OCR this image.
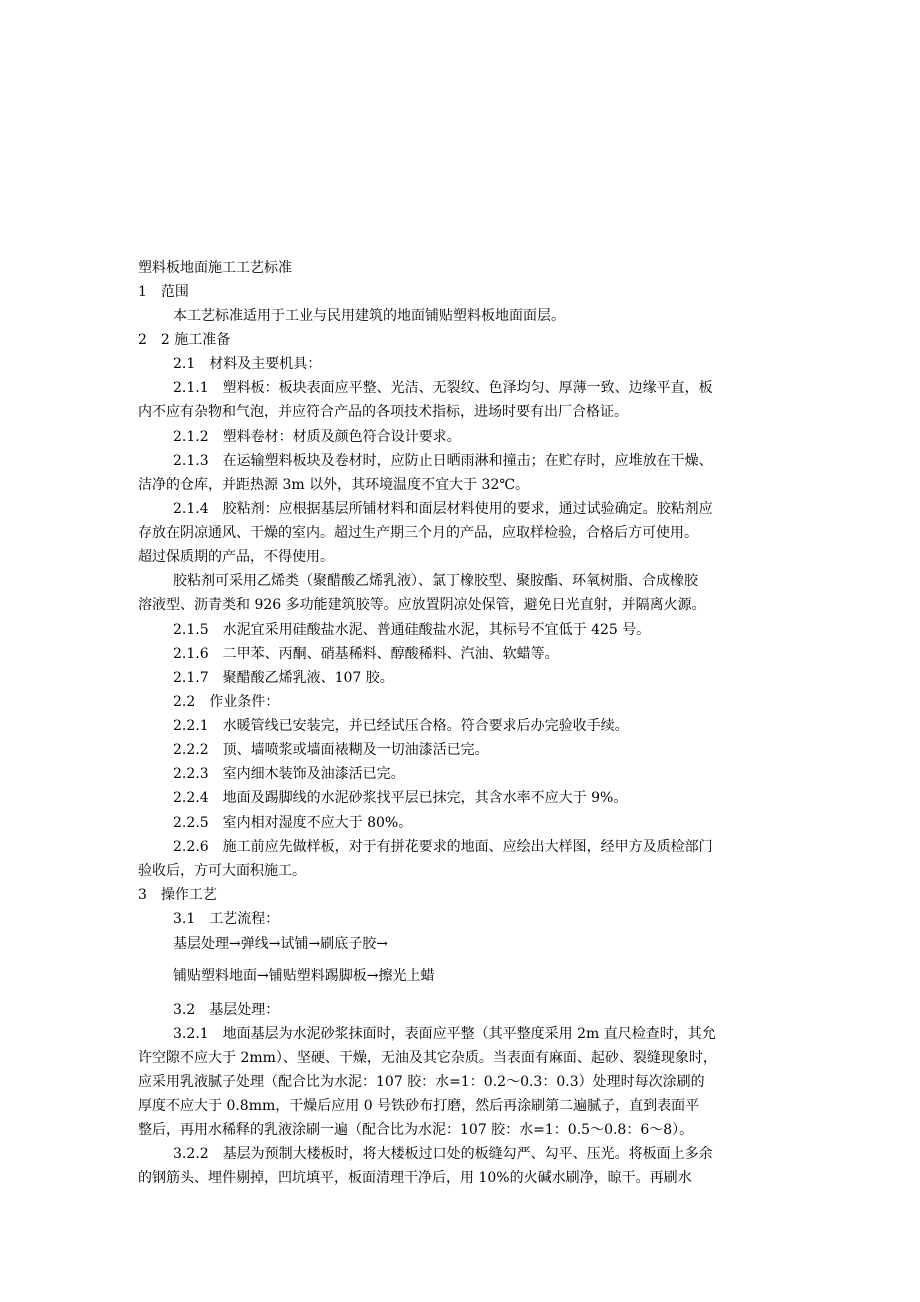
塑料板地面施工工艺标准
1　范围
本工艺标准适用于工业与民用建筑的地面铺贴塑料板地面面层。
2　2 施工准备
2.1　材料及主要机具：
2.1.1　塑料板：板块表面应平整、光洁、无裂纹、色泽均匀、厚薄一致、边缘平直，板
内不应有杂物和气泡，并应符合产品的各项技术指标，进场时要有出厂合格证。
2.1.2　塑料卷材：材质及颜色符合设计要求。
2.1.3　在运输塑料板块及卷材时，应防止日晒雨淋和撞击；在贮存时，应堆放在干燥、
洁净的仓库，并距热源 3m 以外，其环境温度不宜大于 32℃。
2.1.4　胶粘剂：应根据基层所铺材料和面层材料使用的要求，通过试验确定。胶粘剂应
存放在阴凉通风、干燥的室内。超过生产期三个月的产品，应取样检验，合格后方可使用。
超过保质期的产品，不得使用。
胶粘剂可采用乙烯类（聚醋酸乙烯乳液）、氯丁橡胶型、聚胺酯、环氧树脂、合成橡胶
溶液型、沥青类和 926 多功能建筑胶等。应放置阴凉处保管，避免日光直射，并隔离火源。
2.1.5　水泥宜采用硅酸盐水泥、普通硅酸盐水泥，其标号不宜低于 425 号。
2.1.6　二甲苯、丙酮、硝基稀料、醇酸稀料、汽油、软蜡等。
2.1.7　聚醋酸乙烯乳液、107 胶。
2.2　作业条件：
2.2.1　水暖管线已安装完，并已经试压合格。符合要求后办完验收手续。
2.2.2　顶、墙喷浆或墙面裱糊及一切油漆活已完。
2.2.3　室内细木装饰及油漆活已完。
2.2.4　地面及踢脚线的水泥砂浆找平层已抹完，其含水率不应大于 9%。
2.2.5　室内相对湿度不应大于 80%。
2.2.6　施工前应先做样板，对于有拼花要求的地面、应绘出大样图，经甲方及质检部门
验收后，方可大面积施工。
3　操作工艺
3.1　工艺流程：
基层处理→弹线→试铺→刷底子胶→
铺贴塑料地面→铺贴塑料踢脚板→擦光上蜡
3.2　基层处理：
3.2.1　地面基层为水泥砂浆抹面时，表面应平整（其平整度采用 2m 直尺检查时，其允
许空隙不应大于 2mm）、坚硬、干燥，无油及其它杂质。当表面有麻面、起砂、裂缝现象时，
应采用乳液腻子处理（配合比为水泥：107 胶：水=1：0.2～0.3：0.3）处理时每次涂刷的
厚度不应大于 0.8mm，干燥后应用 0 号铁砂布打磨，然后再涂刷第二遍腻子，直到表面平
整后，再用水稀释的乳液涂刷一遍（配合比为水泥：107 胶：水=1：0.5～0.8：6～8）。
3.2.2　基层为预制大楼板时，将大楼板过口处的板缝勾严、勾平、压光。将板面上多余
的钢筋头、埋件剔掉，凹坑填平，板面清理干净后，用 10%的火碱水刷净，晾干。再刷水
